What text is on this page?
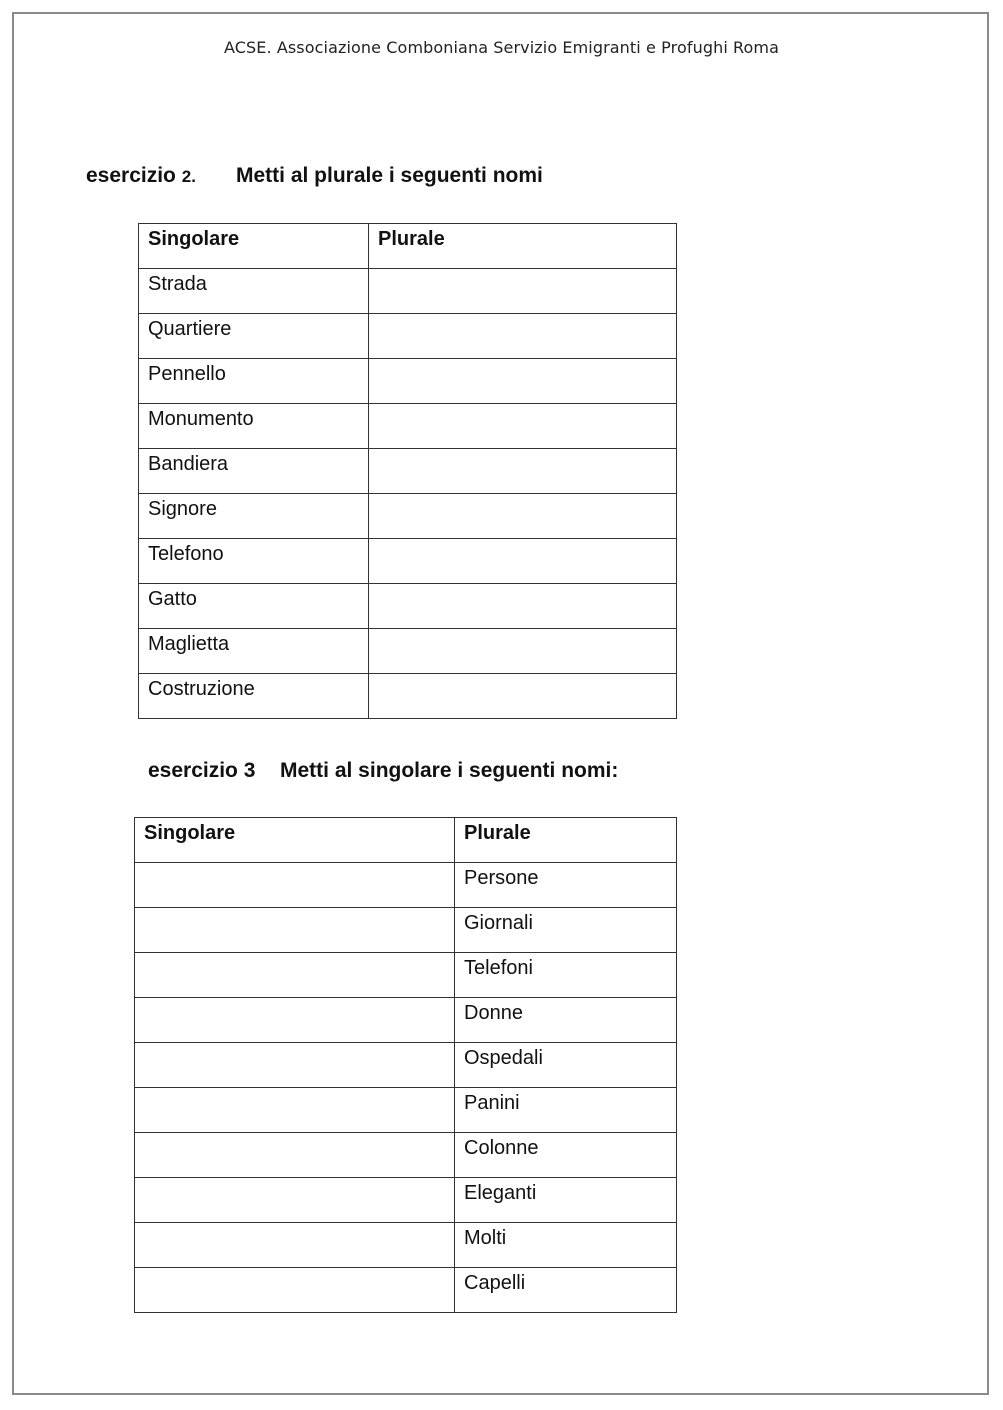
ACSE. Associazione Comboniana Servizio Emigranti e Profughi Roma
esercizio 2. Metti al plurale i seguenti nomi
Singolare	Plurale

Strada	

Quartiere	

Pennello	

Monumento	

Bandiera	

Signore	

Telefono	

Gatto	

Maglietta	

Costruzione	

esercizio 3 Metti al singolare i seguenti nomi:
Singolare	Plurale

	Persone

	Giornali

	Telefoni

	Donne

	Ospedali

	Panini

	Colonne

	Eleganti

	Molti

	Capelli
